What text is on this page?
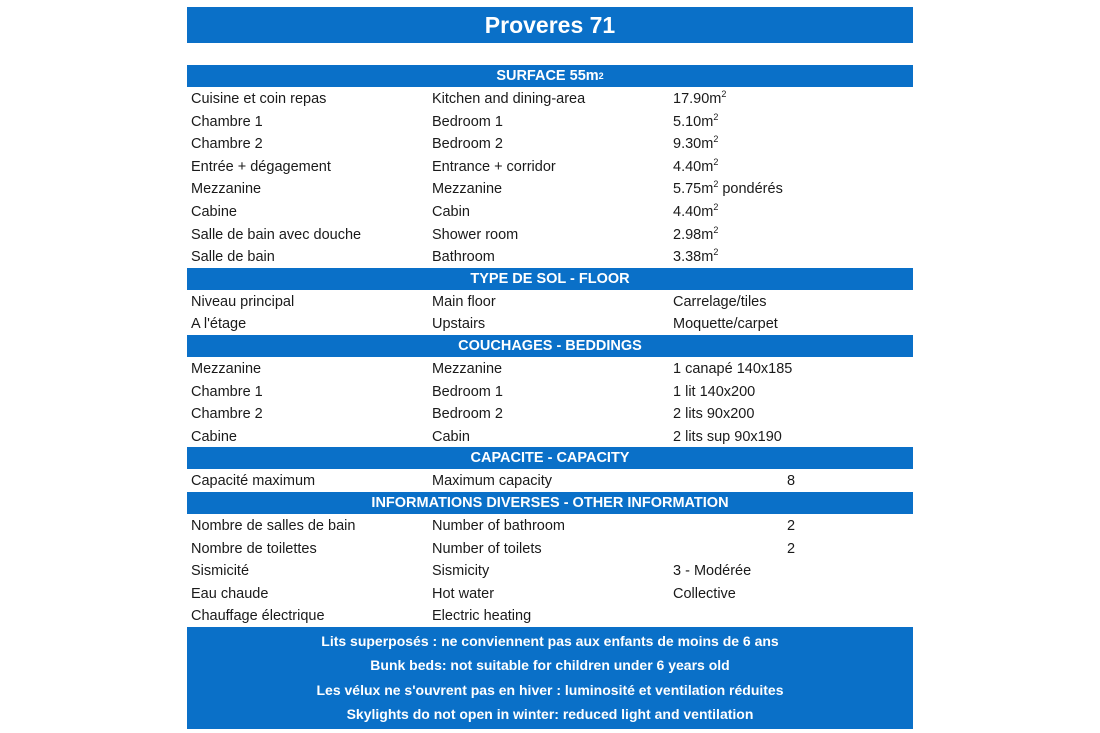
Proveres 71
SURFACE 55m 2
Cuisine et coin repas	Kitchen and dining-area	$17.90m^2$
Chambre 1	Bedroom 1	$5.10m^2$
Chambre 2	Bedroom 2	$9.30m^2$
Entrée + dégagement	Entrance + corridor	$4.40m^2$
Mezzanine	Mezzanine	$5.75m^2$ pondérés
Cabine	Cabin	$4.40m^2$
Salle de bain avec douche	Shower room	$2.98m^2$
Salle de bain	Bathroom	$3.38m^2$
TYPE DE SOL - FLOOR
Niveau principal	Main floor	Carrelage/tiles
A l'étage	Upstairs	Moquette/carpet
COUCHAGES - BEDDINGS
Mezzanine	Mezzanine	1 canapé 140x185
Chambre 1	Bedroom 1	1 lit 140x200
Chambre 2	Bedroom 2	2 lits 90x200
Cabine	Cabin	2 lits sup 90x190
CAPACITE - CAPACITY
Capacité maximum	Maximum capacity	8
INFORMATIONS DIVERSES - OTHER INFORMATION
Nombre de salles de bain	Number of bathroom	2
Nombre de toilettes	Number of toilets	2
Sismicité	Sismicity	3 - Modérée
Eau chaude	Hot water	Collective
Chauffage électrique	Electric heating
Lits superposés : ne conviennent pas aux enfants de moins de 6 ans
Bunk beds: not suitable for children under 6 years old
Les vélux ne s'ouvrent pas en hiver : luminosité et ventilation réduites
Skylights do not open in winter: reduced light and ventilation
